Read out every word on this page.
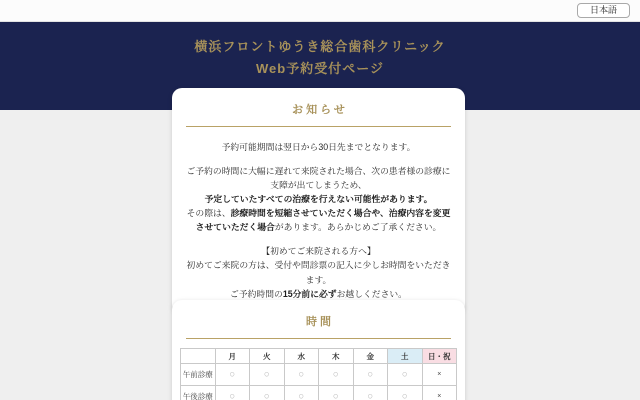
日本語
横浜フロントゆうき総合歯科クリニック
Web予約受付ページ
お知らせ

予約可能期間は翌日から30日先までとなります。

ご予約の時間に大幅に遅れて来院された場合、次の患者様の診療に支障が出てしまうため、
予定していたすべての治療を行えない可能性があります。
その際は、診療時間を短縮させていただく場合や、治療内容を変更させていただく場合があります。あらかじめご了承ください。

【初めてご来院される方へ】
初めてご来院の方は、受付や問診票の記入に少しお時間をいただきます。
ご予約時間の15分前に必ずお越しください。

時間
	月	火	水	木	金	土	日・祝
午前診療	○	○	○	○	○	○	×
午後診療	○	○	○	○	○	○	×
